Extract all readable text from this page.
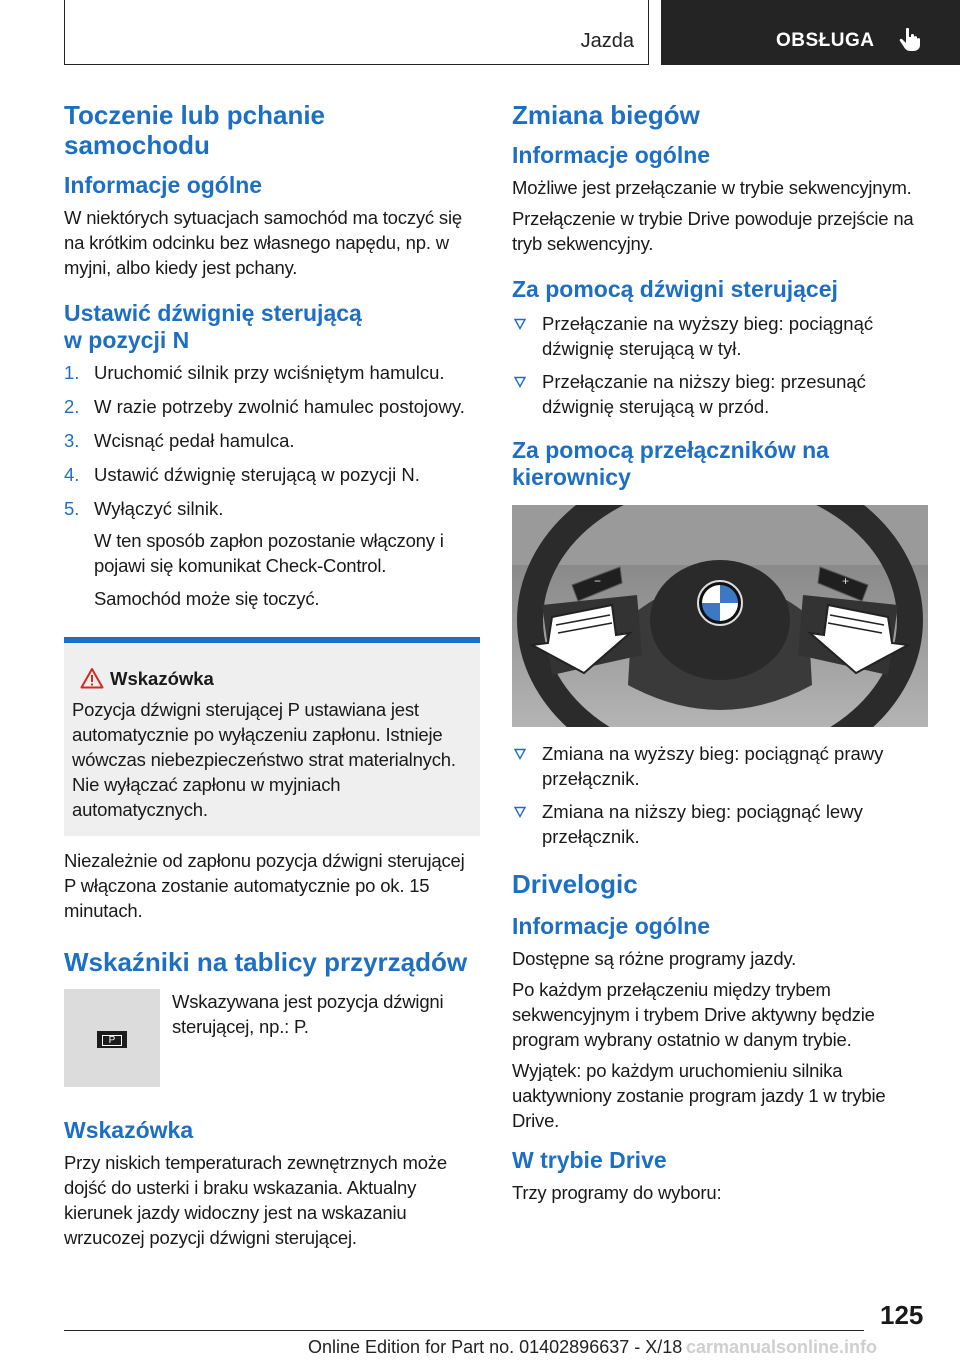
Jazda	OBSŁUGA
Toczenie lub pchanie samochodu
Informacje ogólne

W niektórych sytuacjach samochód ma toczyć się na krótkim odcinku bez własnego napędu, np. w myjni, albo kiedy jest pchany.

Ustawić dźwignię sterującą w pozycji N
1. Uruchomić silnik przy wciśniętym hamulcu.
2. W razie potrzeby zwolnić hamulec postojowy.
3. Wcisnąć pedał hamulca.
4. Ustawić dźwignię sterującą w pozycji N.
5. Wyłączyć silnik.

W ten sposób zapłon pozostanie włączony i pojawi się komunikat Check-Control.

Samochód może się toczyć.

Wskazówka

Pozycja dźwigni sterującej P ustawiana jest automatycznie po wyłączeniu zapłonu. Istnieje wówczas niebezpieczeństwo strat materialnych. Nie wyłączać zapłonu w myjniach automatycznych.

Niezależnie od zapłonu pozycja dźwigni sterującej P włączona zostanie automatycznie po ok. 15 minutach.

Wskaźniki na tablicy przyrządów
P

Wskazywana jest pozycja dźwigni sterującej, np.: P.

Wskazówka

Przy niskich temperaturach zewnętrznych może dojść do usterki i braku wskazania. Aktualny kierunek jazdy widoczny jest na wskazaniu wrzucozej pozycji dźwigni sterującej.

Zmiana biegów
Informacje ogólne

Możliwe jest przełączanie w trybie sekwencyjnym.

Przełączenie w trybie Drive powoduje przejście na tryb sekwencyjny.

Za pomocą dźwigni sterującej
Przełączanie na wyższy bieg: pociągnąć dźwignię sterującą w tył.
Przełączanie na niższy bieg: przesunąć dźwignię sterującą w przód.
Za pomocą przełączników na kierownicy
−	+
Zmiana na wyższy bieg: pociągnąć prawy przełącznik.
Zmiana na niższy bieg: pociągnąć lewy przełącznik.
Drivelogic
Informacje ogólne

Dostępne są różne programy jazdy.

Po każdym przełączeniu między trybem sekwencyjnym i trybem Drive aktywny będzie program wybrany ostatnio w danym trybie.

Wyjątek: po każdym uruchomieniu silnika uaktywniony zostanie program jazdy 1 w trybie Drive.

W trybie Drive

Trzy programy do wyboru:

125
Online Edition for Part no. 01402896637 - X/18 carmanualsonline.info
